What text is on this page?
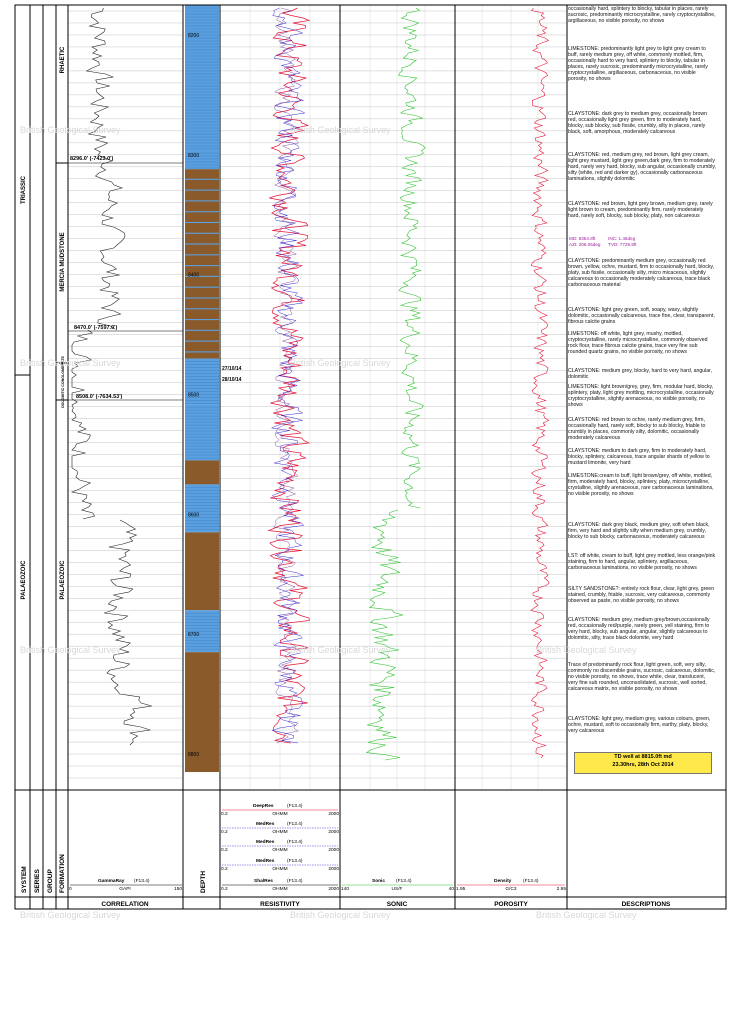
8200
8300
8400
8500
8600
8700
8800
TRIASSIC
PALAEOZOIC
RHAETIC
MERCIA MUDSTONE
DOLOMITIC CONGLOMERATE
PALAEOZOIC
SYSTEM SERIES GROUP FORMATION	DEPTH
CORRELATION	RESISTIVITY	SONIC	POROSITY	DESCRIPTIONS
GammaRay (F13.4)
GAPI
0	150
DeepRes	(F13.4)
OHMM
0.2	2000
MedRes	(F13.4)
OHMM
0.2	2000
MedRes	(F13.4)
OHMM
0.2	2000
MedRes	(F13.4)
OHMM
0.2	2000
ShalRes	(F13.4)
OHMM
0.2	2000
Sonic (F13.4)
US/F
140	40
Density (F13.4)
G/C3
1.95	2.95
8296.0' (-7423.0')
8470.0' (-7597.0')
8508.0' (-7634.53')
27/10/14
28/10/14
British Geological Survey	British Geological Survey
British Geological Survey	British Geological Survey
British Geological Survey	British Geological Survey	British Geological Survey
British Geological Survey	British Geological Survey	British Geological Survey

occasionally hard, splintery to blocky, tabular in places, rarely sucrosic, predominantly microcrystalline, rarely cryptocrystalline, argillaceous, no visible porosity, no shows

LIMESTONE: predominantly light grey to light grey cream to buff, rarely medium grey, off white, commonly mottled, firm, occasionally hard to very hard, splintery to blocky, tabular in places, rarely sucrosic, predominantly microcrystalline, rarely cryptocrystalline, argillaceous, carbonaceous, no visible porosity, no shows

CLAYSTONE: dark grey to medium grey, occasionally brown red, occasionally light grey green, firm to moderately hard, blocky, sub blocky, sub fissile, crumbly, silty in places, rarely black, soft, amorphous, moderately calcareous

CLAYSTONE: red, medium grey, red brown, light grey cream, light grey mustard, light grey green,dark grey, firm to moderately hard, rarely very hard, blocky, sub angular, occasionally crumbly, silty (white, red and darker gy), occasionally carbonaceous laminations, slightly dolomitic

CLAYSTONE: red brown, light grey brown, medium grey, rarely light brown to cream, predominantly firm, rarely moderately hard, rarely soft, blocky, sub blocky, platy, non calcareous

CLAYSTONE: predominantly medium grey, occasionally red brown, yellow, ochre, mustard, firm to occasionally hard, blocky, platy, sub fissile, occasionally silty, micro micaceous, slightly calcareous to occasionally moderately calcareous, trace black carbonaceous material

CLAYSTONE: light grey green, soft, soapy, waxy, slightly dolomitic, occasionally calcareous, trace fine, clear, transparent, fibrous calcite grains

LIMESTONE: off white, light grey, mushy, mottled, cryptocrystalline, rarely microcrystalline, commonly observed rock flour, trace fibrous calcite grains, trace very fine sub rounded quartz grains, no visible porosity, no shows

CLAYSTONE: medium grey, blocky, hard to very hard, angular, dolomitic

LIMESTONE: light brown/grey, grey, firm, modular hard, blocky, splintery, platy, light grey mottling, microcrystalline, occasionally cryptocrystalline, slightly arenaceous, no visible porosity, no shows

CLAYSTONE: red brown to ochre, rarely medium grey, firm, occasionally hard, rarely soft, blocky to sub blocky, friable to crumbly in places, commonly silty, dolomitic, occasionally moderately calcareous

CLAYSTONE: medium to dark grey, firm to moderately hard, blocky, splintery, calcareous, trace angular shards of yellow to mustard limonite, very hard

LIMESTONE:cream to buff, light brown/grey, off white, mottled, firm, moderately hard, blocky, splintery, platy, microcrystalline, crystalline, slightly arenaceous, rare carbonaceous laminations, no visible porosity, no shows

CLAYSTONE: dark grey black, medium grey, soft when black, firm, very hard and slightly silty when medium grey, crumbly, blocky to sub blocky, carbonaceous, moderately calcareous

LST: off white, cream to buff, light grey mottled, less orange/pink staining, firm to hard, angular, splintery, argillaceous, carbonaceous laminations, no visible porosity, no shows

SILTY SANDSTONE?: entirely rock flour, clear, light grey, green stained, crumbly, friable, sucrosic, very calcareous, commonly observed as paste, no visible porosity, no shows

CLAYSTONE: medium grey, medium grey/brown,occasionally red, occasionally red/purple, rarely green, yell staining, firm to very hard, blocky, sub angular, angular, slightly calcareous to dolomitic, silty, trace black dolomite, very hard

Trace of predominantly rock flour, light green, soft, very silty, commonly no discernible grains, sucrosic, calcareous, dolomitic, no visible porosity, no shows, trace white, clear, translucent, very fine sub rounded, unconsolidated, sucrosic, well sorted, calcareous matrix, no visible porosity, no shows

CLAYSTONE: light grey, medium grey, various colours, green, ochre, mustard, soft to occasionally firm, earthy, platy, blocky, very calcareous

MD: 8354.8ft	INC: 1.46deg
AZI: 206.05deg TVD: 7725.8ft
TD well at 8815.0ft md
23.30hrs, 28th Oct 2014
